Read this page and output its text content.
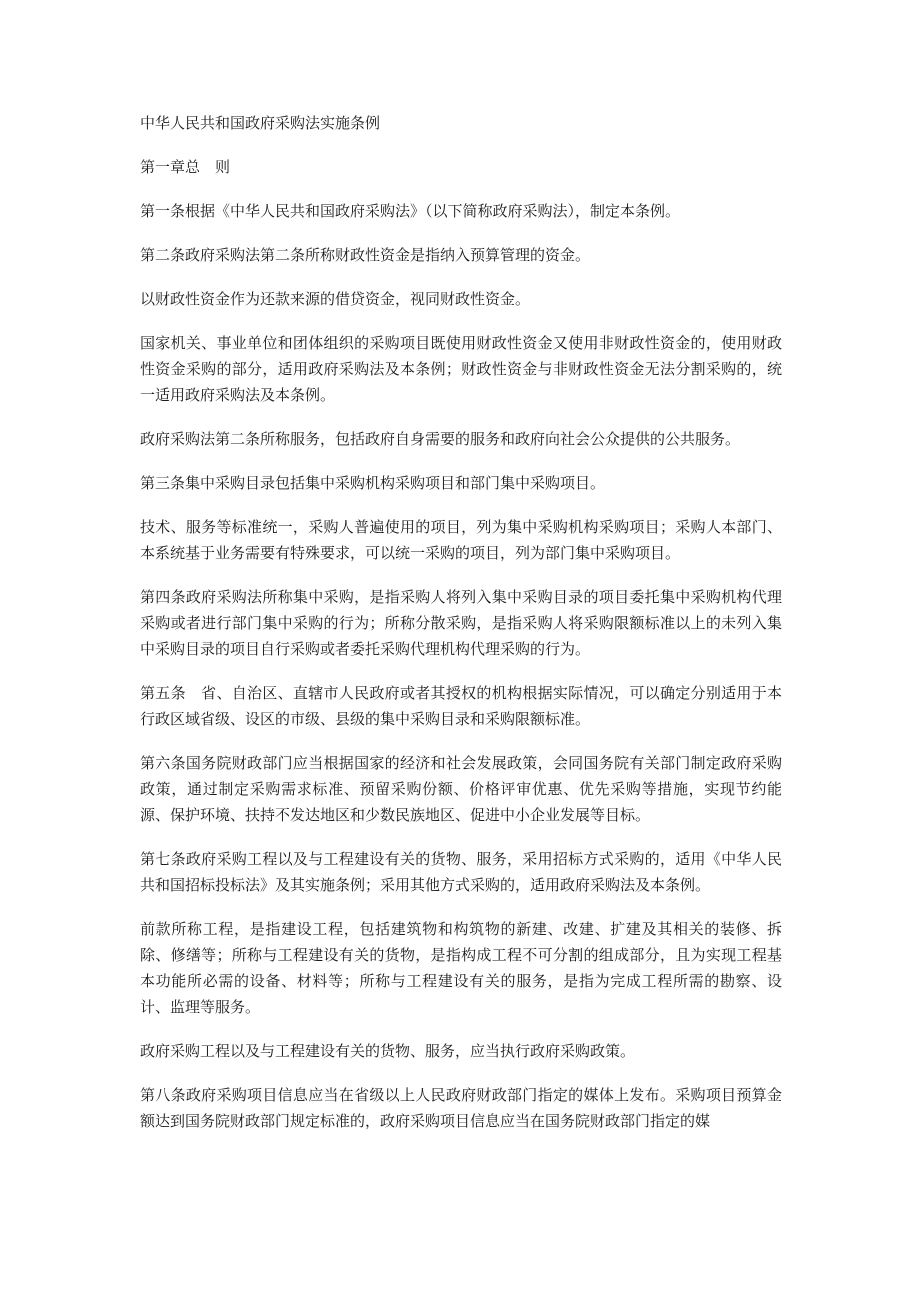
中华人民共和国政府采购法实施条例

第一章总　则

第一条根据《中华人民共和国政府采购法》（以下简称政府采购法），制定本条例。

第二条政府采购法第二条所称财政性资金是指纳入预算管理的资金。

以财政性资金作为还款来源的借贷资金，视同财政性资金。

国家机关、事业单位和团体组织的采购项目既使用财政性资金又使用非财政性资金的，使用财政性资金采购的部分，适用政府采购法及本条例；财政性资金与非财政性资金无法分割采购的，统一适用政府采购法及本条例。

政府采购法第二条所称服务，包括政府自身需要的服务和政府向社会公众提供的公共服务。

第三条集中采购目录包括集中采购机构采购项目和部门集中采购项目。

技术、服务等标准统一，采购人普遍使用的项目，列为集中采购机构采购项目；采购人本部门、本系统基于业务需要有特殊要求，可以统一采购的项目，列为部门集中采购项目。

第四条政府采购法所称集中采购，是指采购人将列入集中采购目录的项目委托集中采购机构代理采购或者进行部门集中采购的行为；所称分散采购，是指采购人将采购限额标准以上的未列入集中采购目录的项目自行采购或者委托采购代理机构代理采购的行为。

第五条　省、自治区、直辖市人民政府或者其授权的机构根据实际情况，可以确定分别适用于本行政区域省级、设区的市级、县级的集中采购目录和采购限额标准。

第六条国务院财政部门应当根据国家的经济和社会发展政策，会同国务院有关部门制定政府采购政策，通过制定采购需求标准、预留采购份额、价格评审优惠、优先采购等措施，实现节约能源、保护环境、扶持不发达地区和少数民族地区、促进中小企业发展等目标。

第七条政府采购工程以及与工程建设有关的货物、服务，采用招标方式采购的，适用《中华人民共和国招标投标法》及其实施条例；采用其他方式采购的，适用政府采购法及本条例。

前款所称工程，是指建设工程，包括建筑物和构筑物的新建、改建、扩建及其相关的装修、拆除、修缮等；所称与工程建设有关的货物，是指构成工程不可分割的组成部分，且为实现工程基本功能所必需的设备、材料等；所称与工程建设有关的服务，是指为完成工程所需的勘察、设计、监理等服务。

政府采购工程以及与工程建设有关的货物、服务，应当执行政府采购政策。

第八条政府采购项目信息应当在省级以上人民政府财政部门指定的媒体上发布。采购项目预算金额达到国务院财政部门规定标准的，政府采购项目信息应当在国务院财政部门指定的媒
